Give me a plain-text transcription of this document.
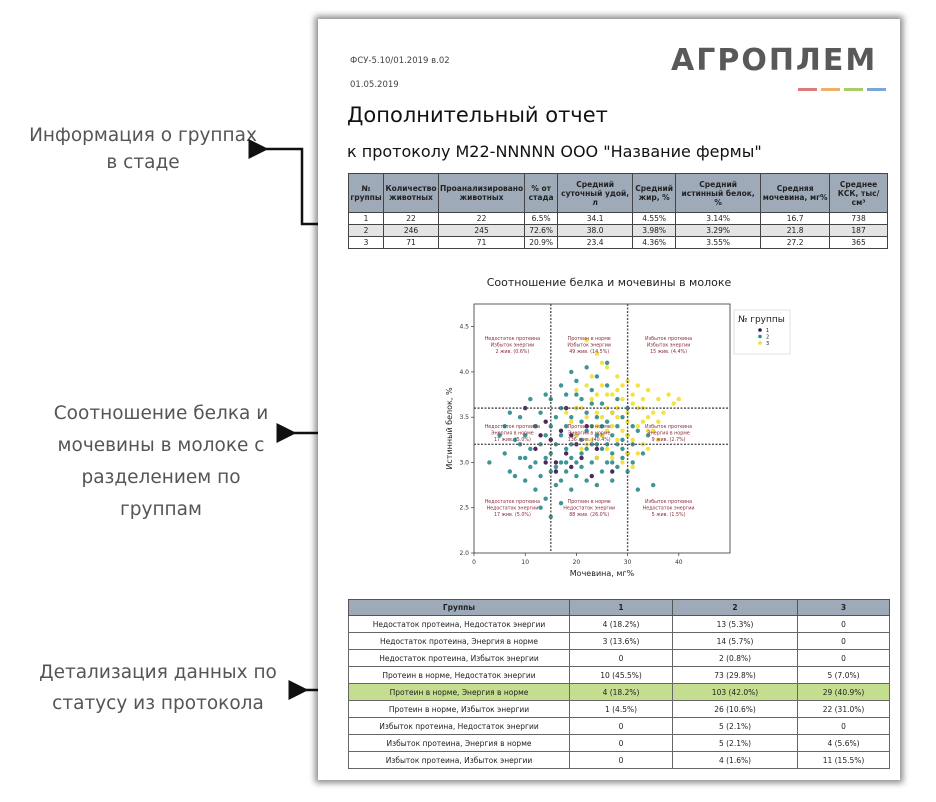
Информация о группах
в стаде
Соотношение белка и
мочевины в молоке с
разделением по
группам
Детализация данных по
статусу из протокола
ФСУ-5.10/01.2019 в.02
01.05.2019
АГРОПЛЕМ
Дополнительный отчет
к протоколу М22-NNNNN ООО "Название фермы"
№ группы	Количество животных	Проанализировано животных	% от стада	Средний суточный удой, л	Средний жир, %	Средний истинный белок, %	Средняя мочевина, мг%	Среднее КСК, тыс/см³
1	22	22	6.5%	34.1	4.55%	3.14%	16.7	738
2	246	245	72.6%	38.0	3.98%	3.29%	21.8	187
3	71	71	20.9%	23.4	4.36%	3.55%	27.2	365
Соотношение белка и мочевины в молоке
0	10	20	30	40
2.0
2.5
3.0
3.5
4.0
4.5
Мочевина, мг%
Истинный белок, %
Недостаток протеина
Избыток энергии
2 жив. (0.6%)
Протеин в норме
Избыток энергии
49 жив. (14.5%)
Избыток протеина
Избыток энергии
15 жив. (4.4%)
Недостаток протеина
Энергия в норме
17 жив. (5.0%)
Протеин в норме
Энергия в норме
136 жив. (40.4%)
Избыток протеина
Энергия в норме
9 жив. (2.7%)
Недостаток протеина
Недостаток энергии
17 жив. (5.0%)
Протеин в норме
Недостаток энергии
88 жив. (26.0%)
Избыток протеина
Недостаток энергии
5 жив. (1.5%)
№ группы
1
2
3
Группы	1	2	3
Недостаток протеина, Недостаток энергии	4 (18.2%)	13 (5.3%)	0
Недостаток протеина, Энергия в норме	3 (13.6%)	14 (5.7%)	0
Недостаток протеина, Избыток энергии	0	2 (0.8%)	0
Протеин в норме, Недостаток энергии	10 (45.5%)	73 (29.8%)	5 (7.0%)
Протеин в норме, Энергия в норме	4 (18.2%)	103 (42.0%)	29 (40.9%)
Протеин в норме, Избыток энергии	1 (4.5%)	26 (10.6%)	22 (31.0%)
Избыток протеина, Недостаток энергии	0	5 (2.1%)	0
Избыток протеина, Энергия в норме	0	5 (2.1%)	4 (5.6%)
Избыток протеина, Избыток энергии	0	4 (1.6%)	11 (15.5%)
